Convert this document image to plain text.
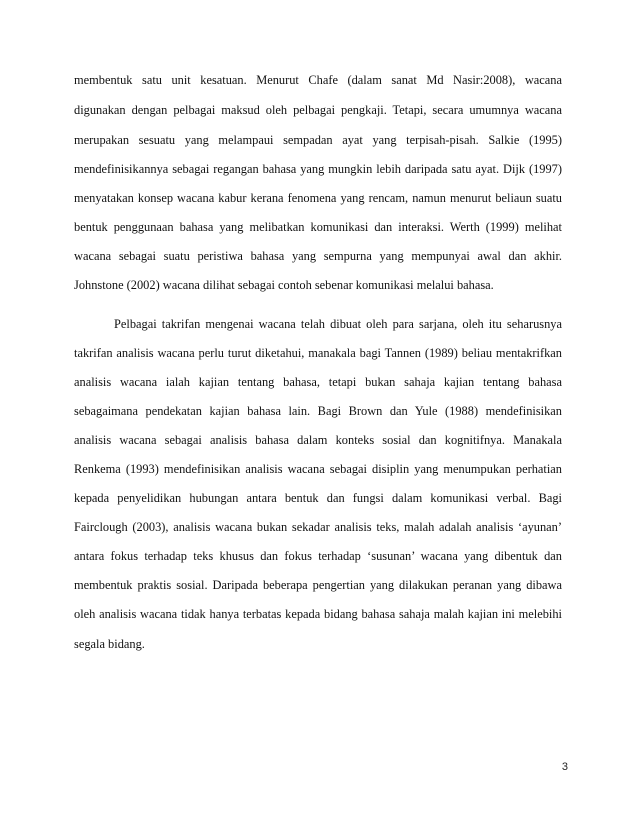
membentuk satu unit kesatuan. Menurut Chafe (dalam sanat Md Nasir:2008), wacana
digunakan dengan pelbagai maksud oleh pelbagai pengkaji. Tetapi, secara umumnya wacana
merupakan sesuatu yang melampaui sempadan ayat yang terpisah-pisah. Salkie (1995)
mendefinisikannya sebagai regangan bahasa yang mungkin lebih daripada satu ayat. Dijk (1997)
menyatakan konsep wacana kabur kerana fenomena yang rencam, namun menurut beliaun suatu
bentuk penggunaan bahasa yang melibatkan komunikasi dan interaksi. Werth (1999) melihat
wacana sebagai suatu peristiwa bahasa yang sempurna yang mempunyai awal dan akhir.
Johnstone (2002) wacana dilihat sebagai contoh sebenar komunikasi melalui bahasa.
Pelbagai takrifan mengenai wacana telah dibuat oleh para sarjana, oleh itu seharusnya
takrifan analisis wacana perlu turut diketahui, manakala bagi Tannen (1989) beliau mentakrifkan
analisis wacana ialah kajian tentang bahasa, tetapi bukan sahaja kajian tentang bahasa
sebagaimana pendekatan kajian bahasa lain. Bagi Brown dan Yule (1988) mendefinisikan
analisis wacana sebagai analisis bahasa dalam konteks sosial dan kognitifnya. Manakala
Renkema (1993) mendefinisikan analisis wacana sebagai disiplin yang menumpukan perhatian
kepada penyelidikan hubungan antara bentuk dan fungsi dalam komunikasi verbal. Bagi
Fairclough (2003), analisis wacana bukan sekadar analisis teks, malah adalah analisis ‘ayunan’
antara fokus terhadap teks khusus dan fokus terhadap ‘susunan’ wacana yang dibentuk dan
membentuk praktis sosial. Daripada beberapa pengertian yang dilakukan peranan yang dibawa
oleh analisis wacana tidak hanya terbatas kepada bidang bahasa sahaja malah kajian ini melebihi
segala bidang.
3
